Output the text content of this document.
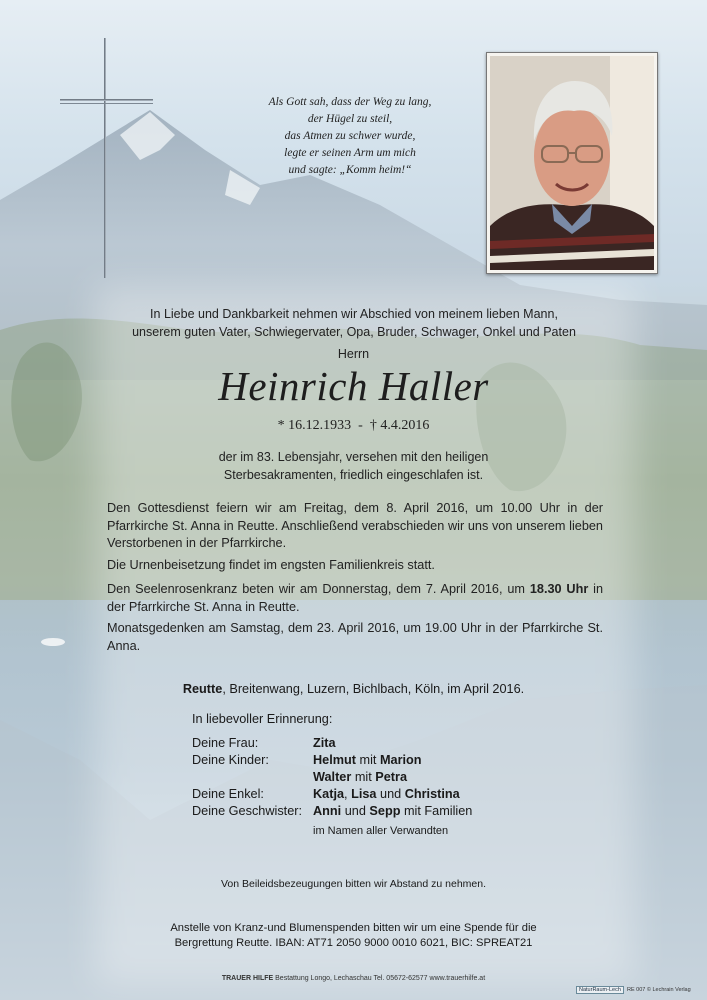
Als Gott sah, dass der Weg zu lang,
der Hügel zu steil,
das Atmen zu schwer wurde,
legte er seinen Arm um mich
und sagte: „Komm heim!“
In Liebe und Dankbarkeit nehmen wir Abschied von meinem lieben Mann,
unserem guten Vater, Schwiegervater, Opa, Bruder, Schwager, Onkel und Paten
Herrn
Heinrich Haller
* 16.12.1933 - † 4.4.2016
der im 83. Lebensjahr, versehen mit den heiligen
Sterbesakramenten, friedlich eingeschlafen ist.
Den Gottesdienst feiern wir am Freitag, dem 8. April 2016, um 10.00 Uhr in der Pfarrkirche St. Anna in Reutte. Anschließend verabschieden wir uns von unserem lieben Verstorbenen in der Pfarrkirche.
Die Urnenbeisetzung findet im engsten Familienkreis statt.
Den Seelenrosenkranz beten wir am Donnerstag, dem 7. April 2016, um 18.30 Uhr in der Pfarrkirche St. Anna in Reutte.
Monatsgedenken am Samstag, dem 23. April 2016, um 19.00 Uhr in der Pfarrkirche St. Anna.
Reutte, Breitenwang, Luzern, Bichlbach, Köln, im April 2016.
In liebevoller Erinnerung:
Deine Frau:	Zita
Deine Kinder:	Helmut mit Marion
Walter mit Petra
Deine Enkel:	Katja, Lisa und Christina
Deine Geschwister: Anni und Sepp mit Familien
im Namen aller Verwandten
Von Beileidsbezeugungen bitten wir Abstand zu nehmen.
Anstelle von Kranz-und Blumenspenden bitten wir um eine Spende für die
Bergrettung Reutte. IBAN: AT71 2050 9000 0010 6021, BIC: SPREAT21
TRAUER HILFE Bestattung Longo, Lechaschau Tel. 05672-62577 www.trauerhilfe.at
NaturRaum-Lech	RE 007 © Lechrain Verlag
